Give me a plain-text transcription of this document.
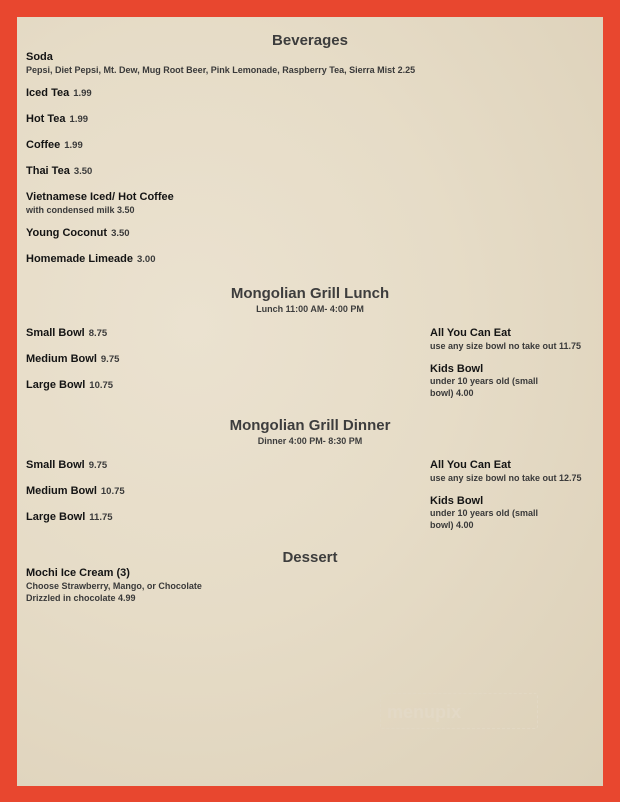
Beverages
Soda
Pepsi, Diet Pepsi, Mt. Dew, Mug Root Beer, Pink Lemonade, Raspberry Tea, Sierra Mist 2.25
Iced Tea 1.99
Hot Tea 1.99
Coffee 1.99
Thai Tea 3.50
Vietnamese Iced/ Hot Coffee
with condensed milk 3.50
Young Coconut 3.50
Homemade Limeade 3.00
Mongolian Grill Lunch
Lunch 11:00 AM- 4:00 PM
Small Bowl 8.75
Medium Bowl 9.75
Large Bowl 10.75
All You Can Eat
use any size bowl no take out 11.75
Kids Bowl
under 10 years old (small bowl) 4.00
Mongolian Grill Dinner
Dinner 4:00 PM- 8:30 PM
Small Bowl 9.75
Medium Bowl 10.75
Large Bowl 11.75
All You Can Eat
use any size bowl no take out 12.75
Kids Bowl
under 10 years old (small bowl) 4.00
Dessert
Mochi Ice Cream (3)
Choose Strawberry, Mango, or Chocolate
Drizzled in chocolate 4.99
menupix
